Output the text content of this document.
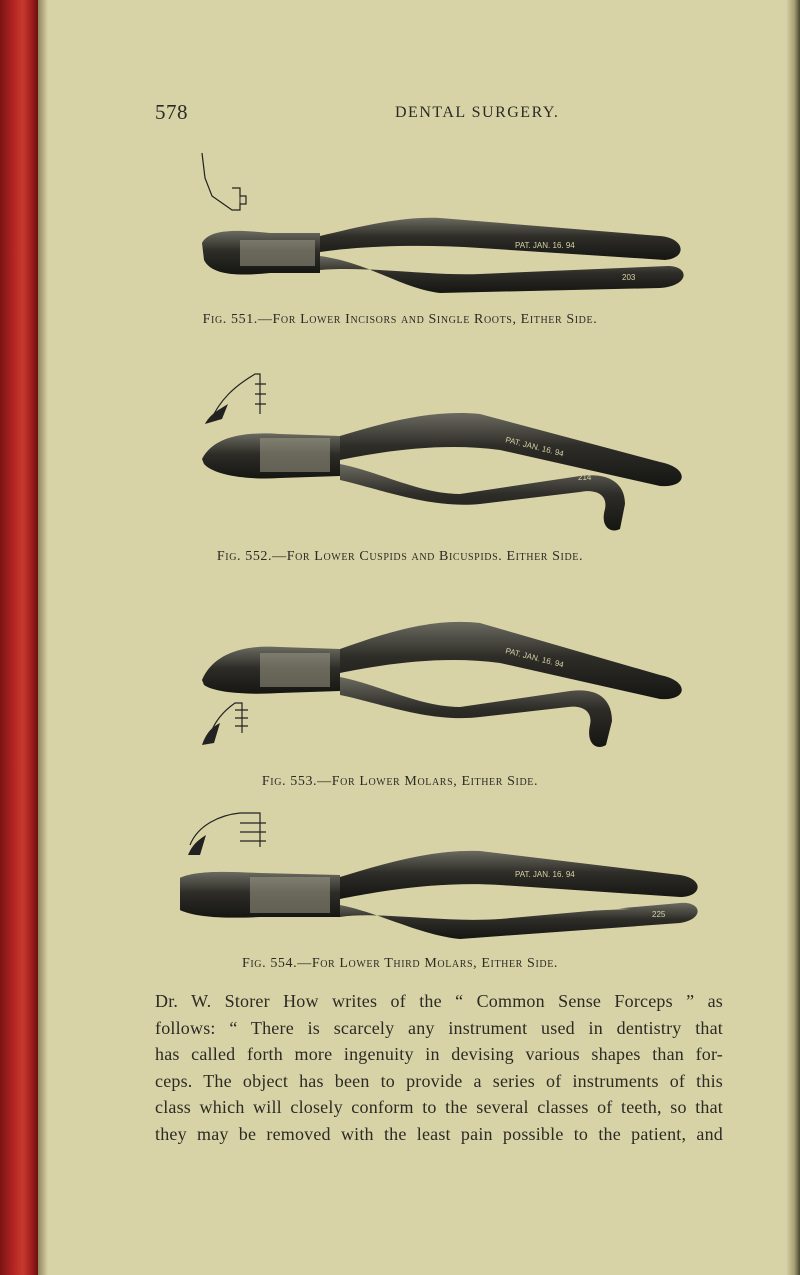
578	DENTAL SURGERY.
PAT. JAN. 16. 94
203
Fig. 551.—For Lower Incisors and Single Roots, Either Side.
PAT. JAN. 16. 94
214
Fig. 552.—For Lower Cuspids and Bicuspids. Either Side.
PAT. JAN. 16. 94
Fig. 553.—For Lower Molars, Either Side.
PAT. JAN. 16. 94
225
Fig. 554.—For Lower Third Molars, Either Side.
Dr. W. Storer How writes of the “ Common Sense Forceps ” as
follows: “ There is scarcely any instrument used in dentistry that
has called forth more ingenuity in devising various shapes than for-
ceps. The object has been to provide a series of instruments of this
class which will closely conform to the several classes of teeth, so that
they may be removed with the least pain possible to the patient, and
